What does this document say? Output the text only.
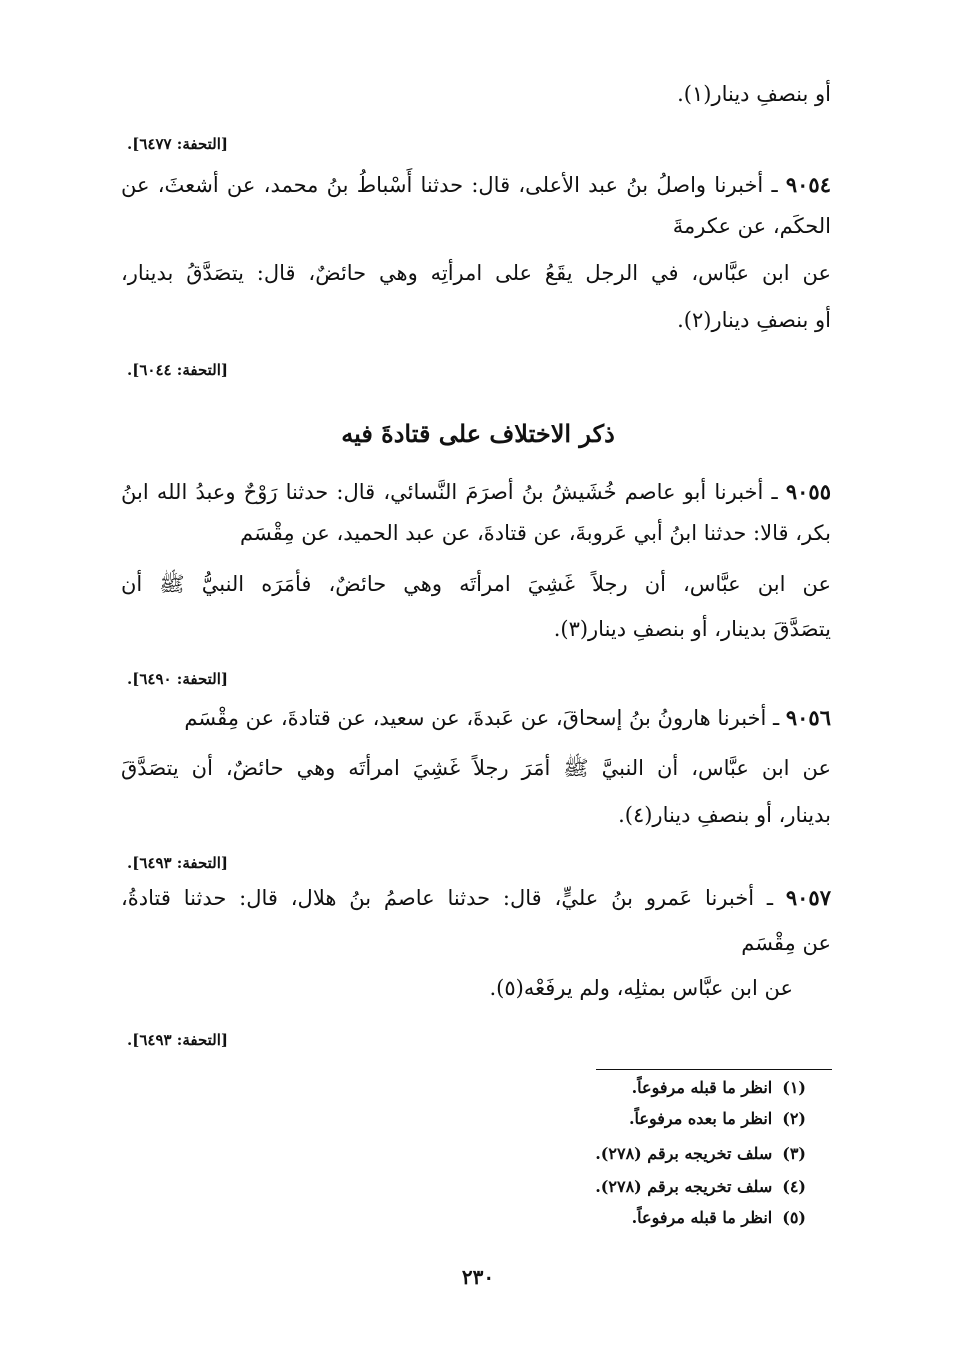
أو بنصفِ دينار(١).
[التحفة: ٦٤٧٧].
٩٠٥٤ ـ أخبرنا واصلُ بنُ عبد الأعلى، قال: حدثنا أَسْباطُ بنُ محمد، عن أشعثَ، عن
الحكَم، عن عكرمةَ
عن ابن عبَّاس، في الرجل يقَعُ على امرأتِه وهي حائضٌ، قال: يتصَدَّقُ بدينار،
أو بنصفِ دينار(٢).
[التحفة: ٦٠٤٤].
ذكر الاختلاف على قتادةَ فيه
٩٠٥٥ ـ أخبرنا أبو عاصم خُشَيشُ بنُ أصرَمَ النَّسائي، قال: حدثنا رَوْحٌ وعبدُ الله ابنُ
بكر، قالا: حدثنا ابنُ أبي عَروبةَ، عن قتادةَ، عن عبد الحميد، عن مِقْسَم
عن ابن عبَّاس، أن رجلاً غَشِيَ امرأتَه وهي حائضٌ، فأمَرَه النبيُّ ﷺ أن
يتصَدَّقَ بدينار، أو بنصفِ دينار(٣).
[التحفة: ٦٤٩٠].
٩٠٥٦ ـ أخبرنا هارونُ بنُ إسحاقَ، عن عَبدةَ، عن سعيد، عن قتادةَ، عن مِقْسَم
عن ابن عبَّاس، أن النبيَّ ﷺ أمَرَ رجلاً غَشِيَ امرأتَه وهي حائضٌ، أن يتصَدَّقَ
بدينار، أو بنصفِ دينار(٤).
[التحفة: ٦٤٩٣].
٩٠٥٧ ـ أخبرنا عَمرو بنُ عليٍّ، قال: حدثنا عاصمُ بنُ هلال، قال: حدثنا قتادةُ،
عن مِقْسَم
عن ابن عبَّاس بمثلِه، ولم يرفَعْه(٥).
[التحفة: ٦٤٩٣].
(١)انظر ما قبله مرفوعاً.
(٢)انظر ما بعده مرفوعاً.
(٣)سلف تخريجه برقم (٢٧٨).
(٤)سلف تخريجه برقم (٢٧٨).
(٥)انظر ما قبله مرفوعاً.
٢٣٠
